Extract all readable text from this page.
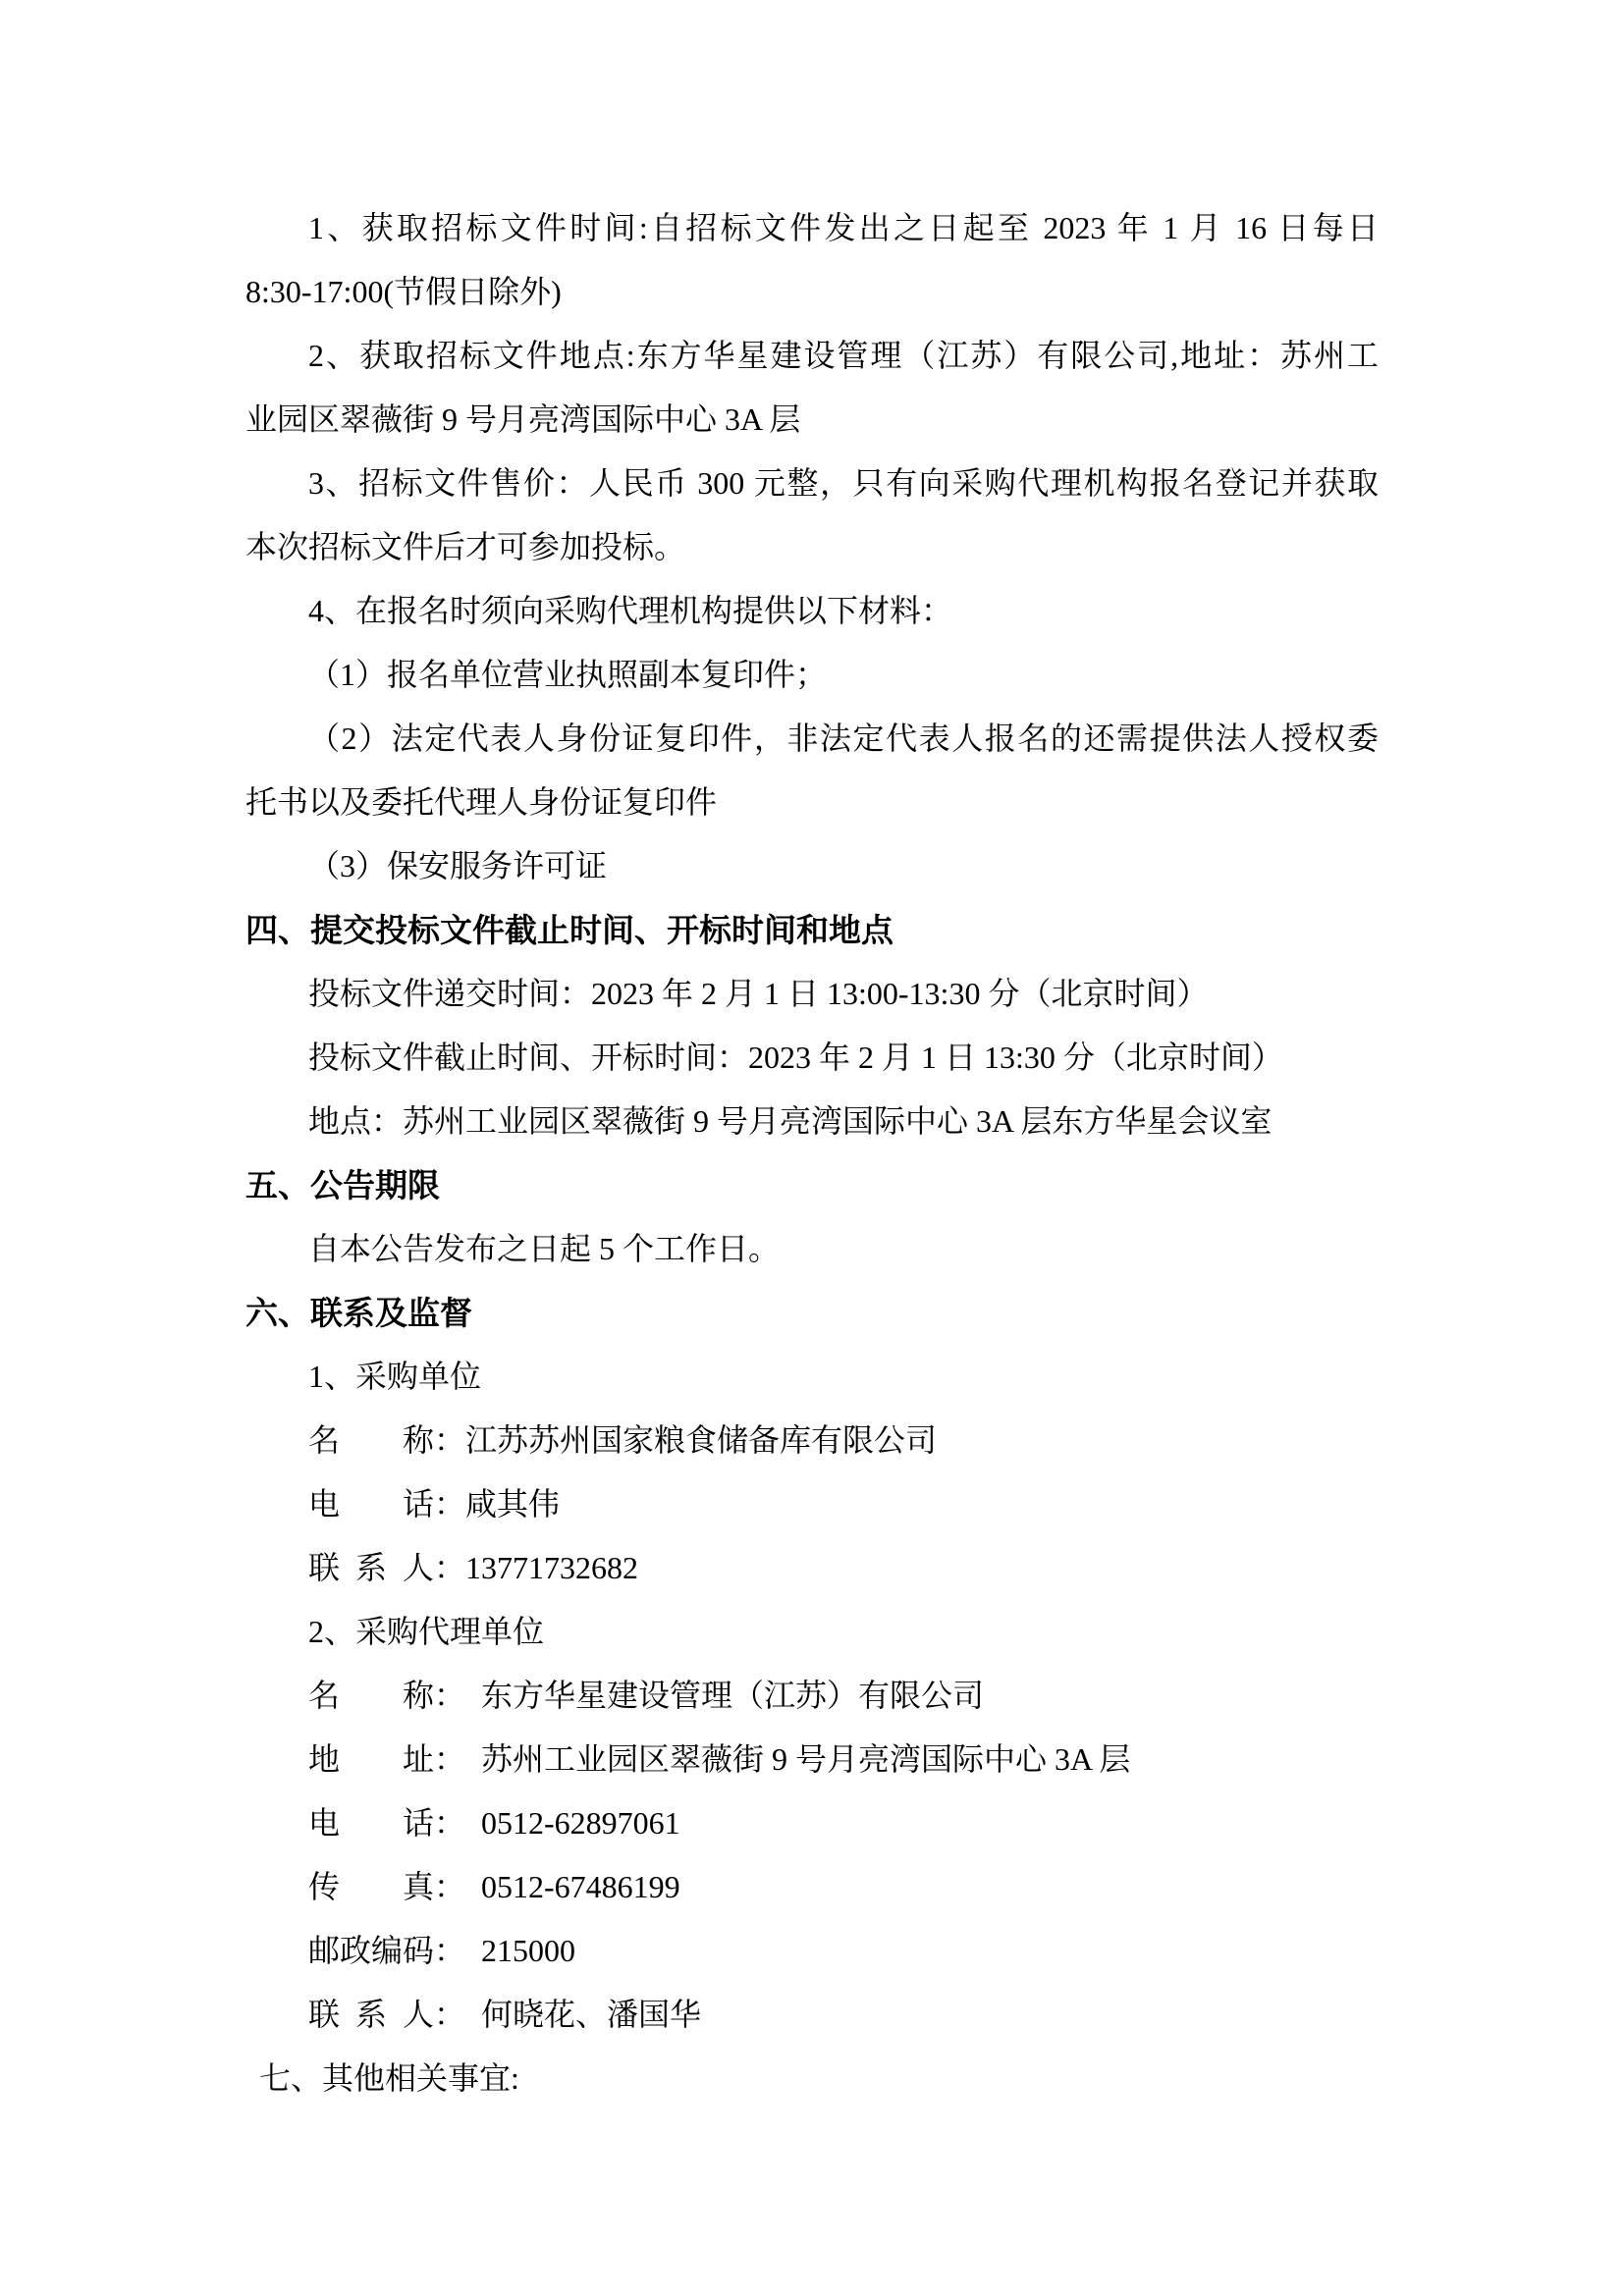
1、获取招标文件时间:自招标文件发出之日起至 2023 年 1 月 16 日每日
8:30-17:00(节假日除外)
2、获取招标文件地点:东方华星建设管理（江苏）有限公司,地址：苏州工
业园区翠薇街 9 号月亮湾国际中心 3A 层
3、招标文件售价：人民币 300 元整，只有向采购代理机构报名登记并获取
本次招标文件后才可参加投标。
4、在报名时须向采购代理机构提供以下材料：
（1）报名单位营业执照副本复印件；
（2）法定代表人身份证复印件，非法定代表人报名的还需提供法人授权委
托书以及委托代理人身份证复印件
（3）保安服务许可证
四、提交投标文件截止时间、开标时间和地点
投标文件递交时间：2023 年 2 月 1 日 13:00-13:30 分（北京时间）
投标文件截止时间、开标时间：2023 年 2 月 1 日 13:30 分（北京时间）
地点：苏州工业园区翠薇街 9 号月亮湾国际中心 3A 层东方华星会议室
五、公告期限
自本公告发布之日起 5 个工作日。
六、联系及监督
1、采购单位
名　　称：江苏苏州国家粮食储备库有限公司
电　　话：咸其伟
联 系 人：13771732682
2、采购代理单位
名　　称： 东方华星建设管理（江苏）有限公司
地　　址： 苏州工业园区翠薇街 9 号月亮湾国际中心 3A 层
电　　话： 0512-62897061
传　　真： 0512-67486199
邮政编码： 215000
联 系 人： 何晓花、潘国华
七、其他相关事宜:
